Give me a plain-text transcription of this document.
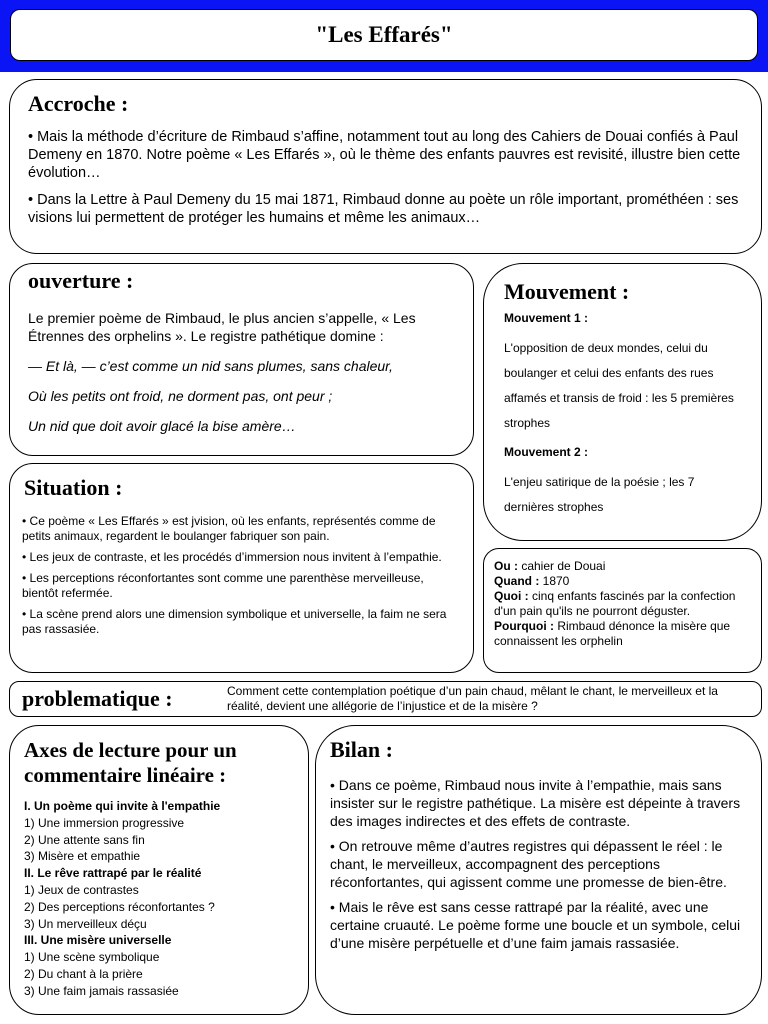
"Les Effarés"
Accroche :

• Mais la méthode d’écriture de Rimbaud s’affine, notamment tout au long des Cahiers de Douai confiés à Paul Demeny en 1870. Notre poème « Les Effarés », où le thème des enfants pauvres est revisité, illustre bien cette évolution…

• Dans la Lettre à Paul Demeny du 15 mai 1871, Rimbaud donne au poète un rôle important, prométhéen : ses visions lui permettent de protéger les humains et même les animaux…

ouverture :

Le premier poème de Rimbaud, le plus ancien s’appelle, « Les Étrennes des orphelins ». Le registre pathétique domine :

— Et là, — c’est comme un nid sans plumes, sans chaleur,

Où les petits ont froid, ne dorment pas, ont peur ;

Un nid que doit avoir glacé la bise amère…

Mouvement :
Mouvement 1 :
L'opposition de deux mondes, celui du boulanger et celui des enfants des rues affamés et transis de froid : les 5 premières strophes
Mouvement 2 :
L'enjeu satirique de la poésie ; les 7 dernières strophes
Situation :

• Ce poème « Les Effarés » est jvision, où les enfants, représentés comme de petits animaux, regardent le boulanger fabriquer son pain.

• Les jeux de contraste, et les procédés d’immersion nous invitent à l’empathie.

• Les perceptions réconfortantes sont comme une parenthèse merveilleuse, bientôt refermée.

• La scène prend alors une dimension symbolique et universelle, la faim ne sera pas rassasiée.

Ou : cahier de Douai

Quand : 1870

Quoi : cinq enfants fascinés par la confection d'un pain qu'ils ne pourront déguster.

Pourquoi : Rimbaud dénonce la misère que connaissent les orphelin

problematique :	Comment cette contemplation poétique d’un pain chaud, mêlant le chant, le merveilleux et la réalité, devient une allégorie de l’injustice et de la misère ?
Axes de lecture pour un
commentaire linéaire :
I. Un poème qui invite à l'empathie
1) Une immersion progressive
2) Une attente sans fin
3) Misère et empathie
II. Le rêve rattrapé par le réalité
1) Jeux de contrastes
2) Des perceptions réconfortantes ?
3) Un merveilleux déçu
III. Une misère universelle
1) Une scène symbolique
2) Du chant à la prière
3) Une faim jamais rassasiée
Bilan :

• Dans ce poème, Rimbaud nous invite à l’empathie, mais sans insister sur le registre pathétique. La misère est dépeinte à travers des images indirectes et des effets de contraste.

• On retrouve même d’autres registres qui dépassent le réel : le chant, le merveilleux, accompagnent des perceptions réconfortantes, qui agissent comme une promesse de bien-être.

• Mais le rêve est sans cesse rattrapé par la réalité, avec une certaine cruauté. Le poème forme une boucle et un symbole, celui d’une misère perpétuelle et d’une faim jamais rassasiée.
